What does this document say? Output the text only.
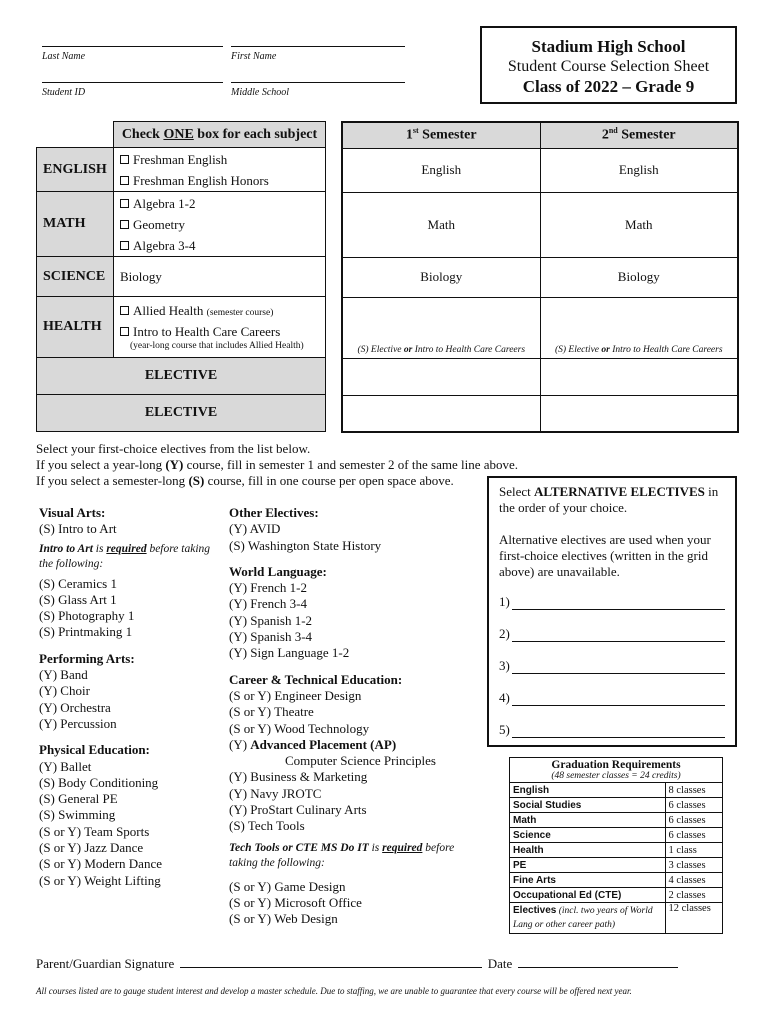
Last Name	First Name
Student ID	Middle School
Stadium High School
Student Course Selection Sheet
Class of 2022 – Grade 9
	Check ONE box for each subject
ENGLISH	Freshman English
Freshman English Honors

MATH	Algebra 1-2
Geometry
Algebra 3-4

SCIENCE	Biology
HEALTH	Allied Health (semester course)
Intro to Health Care Careers
(year-long course that includes Allied Health)

ELECTIVE	
ELECTIVE	
1st Semester	2nd Semester
English	English
Math	Math
Biology	Biology
(S) Elective or Intro to Health Care Careers	(S) Elective or Intro to Health Care Careers

Select your first-choice electives from the list below.
If you select a year-long (Y) course, fill in semester 1 and semester 2 of the same line above.
If you select a semester-long (S) course, fill in one course per open space above.
Visual Arts:
(S) Intro to Art
Intro to Art is required before taking the following:
(S) Ceramics 1
(S) Glass Art 1
(S) Photography 1
(S) Printmaking 1
Performing Arts:
(Y) Band
(Y) Choir
(Y) Orchestra
(Y) Percussion
Physical Education:
(Y) Ballet
(S) Body Conditioning
(S) General PE
(S) Swimming
(S or Y) Team Sports
(S or Y) Jazz Dance
(S or Y) Modern Dance
(S or Y) Weight Lifting
Other Electives:
(Y) AVID
(S) Washington State History
World Language:
(Y) French 1-2
(Y) French 3-4
(Y) Spanish 1-2
(Y) Spanish 3-4
(Y) Sign Language 1-2
Career & Technical Education:
(S or Y) Engineer Design
(S or Y) Theatre
(S or Y) Wood Technology
(Y) Advanced Placement (AP)
Computer Science Principles
(Y) Business & Marketing
(Y) Navy JROTC
(Y) ProStart Culinary Arts
(S) Tech Tools
Tech Tools or CTE MS Do IT is required before taking the following:
(S or Y) Game Design
(S or Y) Microsoft Office
(S or Y) Web Design
Select ALTERNATIVE ELECTIVES in the order of your choice.
Alternative electives are used when your first-choice electives (written in the grid above) are unavailable.
1)
2)
3)
4)
5)
Graduation Requirements
(48 semester classes = 24 credits)
English	8 classes
Social Studies	6 classes
Math	6 classes
Science	6 classes
Health	1 class
PE	3 classes
Fine Arts	4 classes
Occupational Ed (CTE)	2 classes
Electives (incl. two years of World Lang or other career path)	12 classes
Parent/Guardian Signature	Date
All courses listed are to gauge student interest and develop a master schedule. Due to staffing, we are unable to guarantee that every course will be offered next year.
